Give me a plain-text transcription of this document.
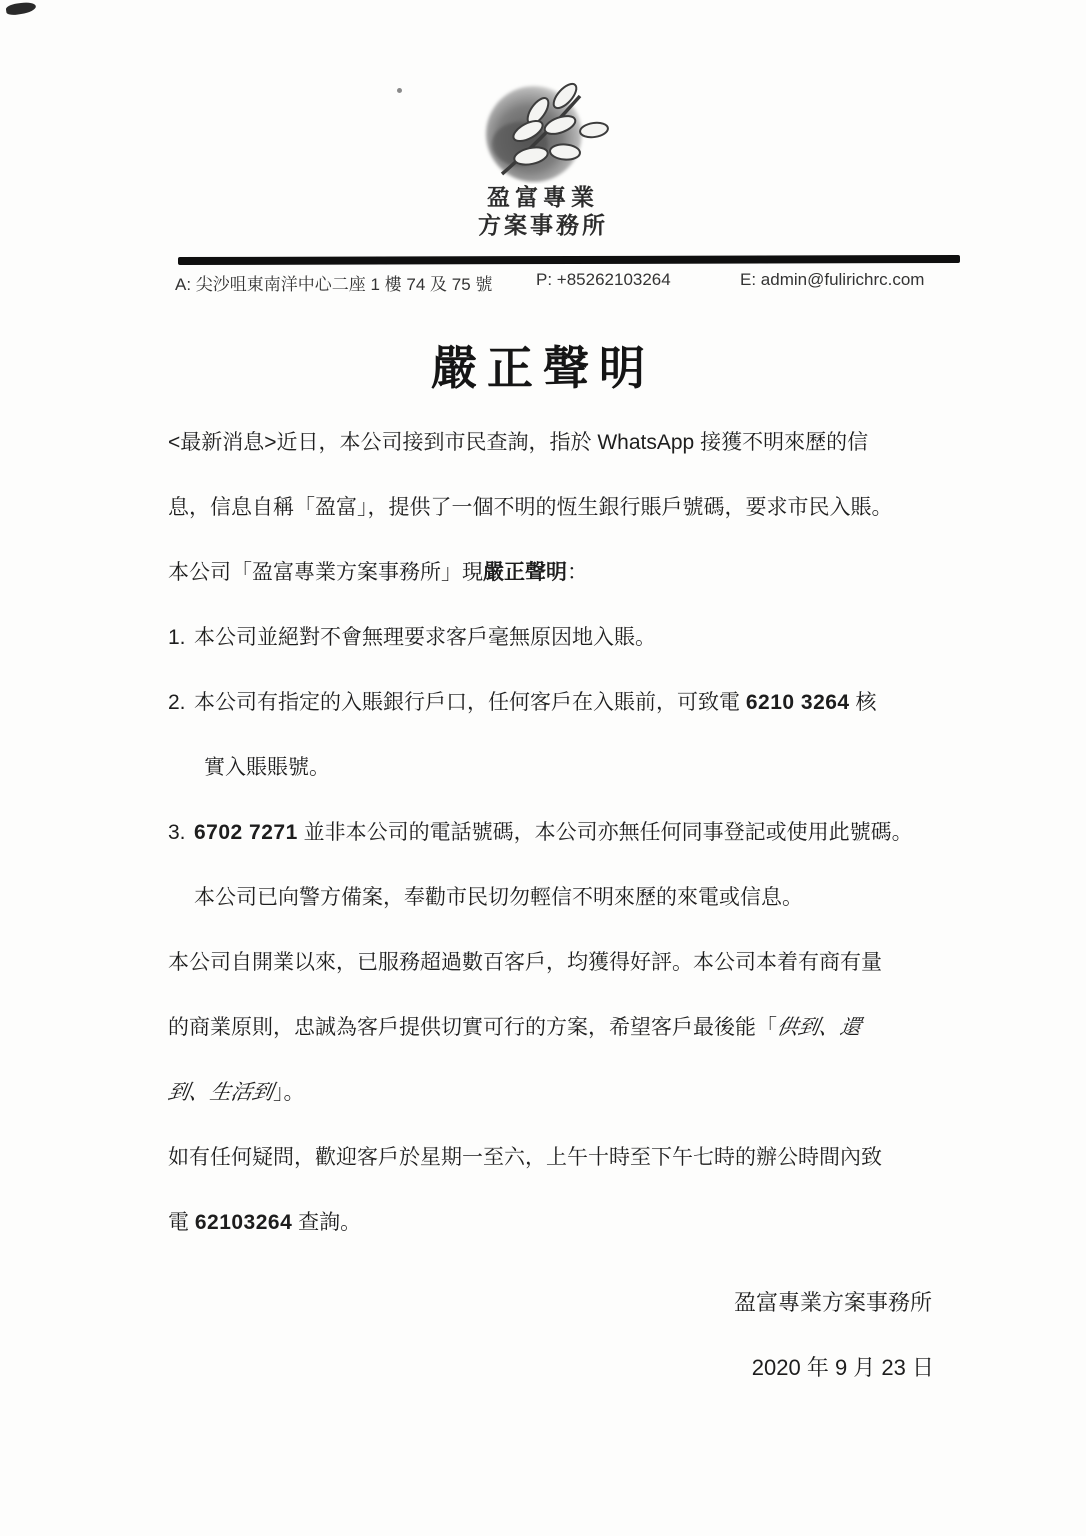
盈富專業
方案事務所
A: 尖沙咀東南洋中心二座 1 樓 74 及 75 號	P: +85262103264	E: admin@fulirichrc.com
嚴正聲明
<最新消息>近日，本公司接到市民查詢，指於 WhatsApp 接獲不明來歷的信
息，信息自稱「盈富」，提供了一個不明的恆生銀行賬戶號碼，要求市民入賬。
本公司「盈富專業方案事務所」現嚴正聲明：
1. 本公司並絕對不會無理要求客戶毫無原因地入賬。
2. 本公司有指定的入賬銀行戶口，任何客戶在入賬前，可致電 6210 3264 核
實入賬賬號。
3. 6702 7271 並非本公司的電話號碼，本公司亦無任何同事登記或使用此號碼。
本公司已向警方備案，奉勸市民切勿輕信不明來歷的來電或信息。
本公司自開業以來，已服務超過數百客戶，均獲得好評。本公司本着有商有量
的商業原則，忠誠為客戶提供切實可行的方案，希望客戶最後能「供到、還
到、生活到」。
如有任何疑問，歡迎客戶於星期一至六，上午十時至下午七時的辦公時間內致
電 62103264 查詢。
盈富專業方案事務所
2020 年 9 月 23 日
